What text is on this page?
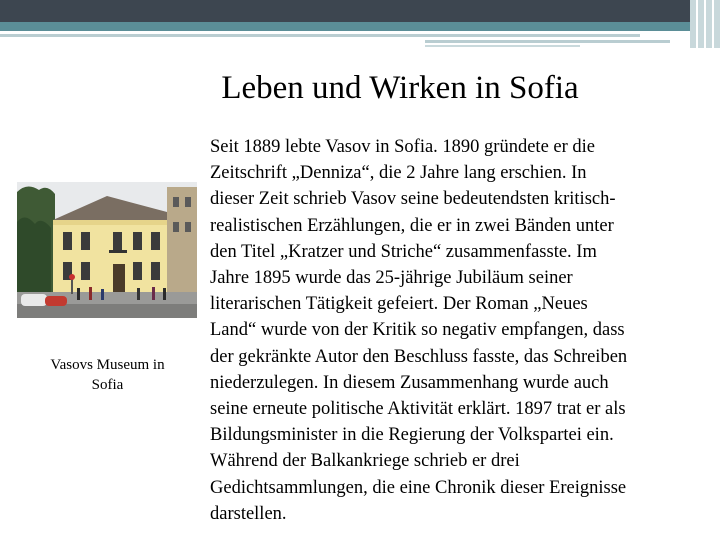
Leben und Wirken in Sofia
Vasovs Museum in
Sofia
Seit 1889 lebte Vasov in Sofia. 1890 gründete er die
Zeitschrift „Denniza“, die 2 Jahre lang erschien. In
dieser Zeit schrieb Vasov seine bedeutendsten kritisch-
realistischen Erzählungen, die er in zwei Bänden unter
den Titel „Kratzer und Striche“ zusammenfasste. Im
Jahre 1895 wurde das 25-jährige Jubiläum seiner
literarischen Tätigkeit gefeiert. Der Roman „Neues
Land“ wurde von der Kritik so negativ empfangen, dass
der gekränkte Autor den Beschluss fasste, das Schreiben
niederzulegen. In diesem Zusammenhang wurde auch
seine erneute politische Aktivität erklärt. 1897 trat er als
Bildungsminister in die Regierung der Volkspartei ein.
Während der Balkankriege schrieb er drei
Gedichtsammlungen, die eine Chronik dieser Ereignisse
darstellen.
